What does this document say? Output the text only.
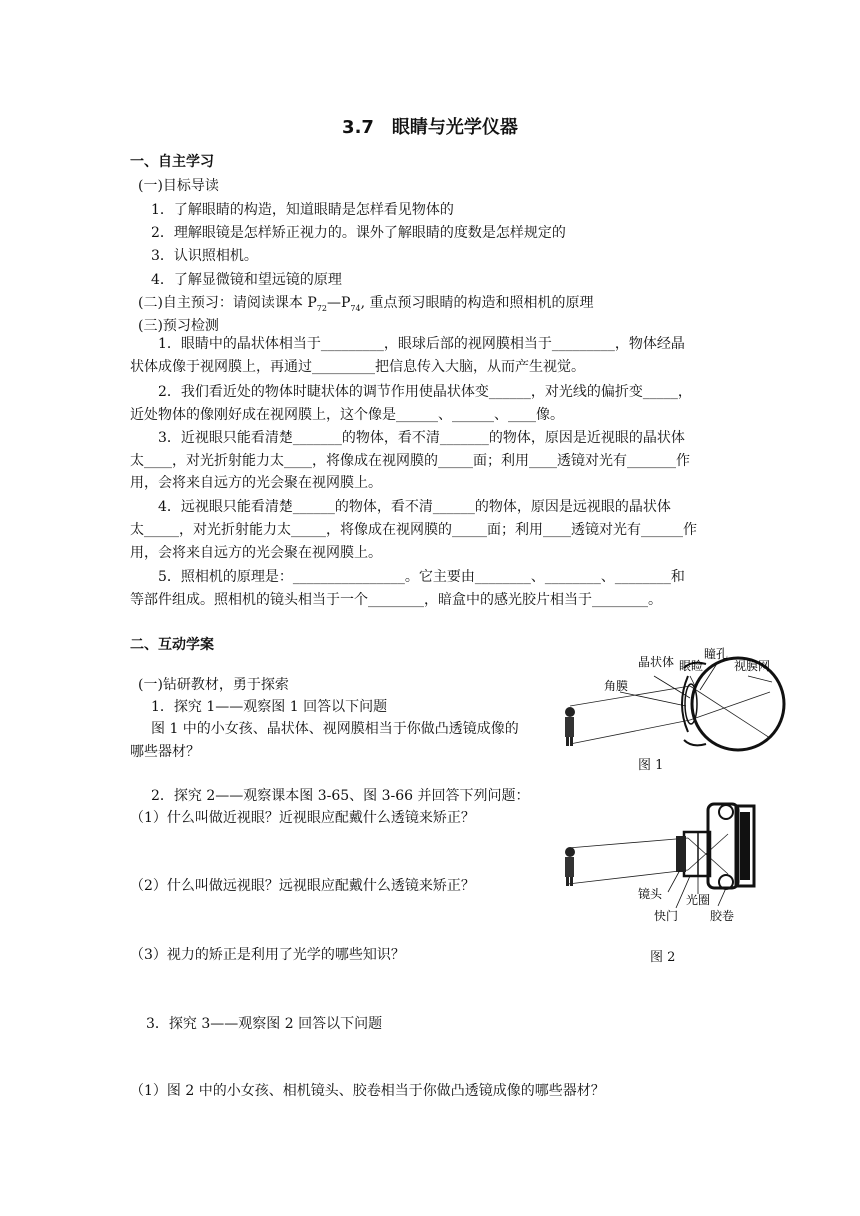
3.7　眼睛与光学仪器
一、自主学习
(一)目标导读
1．了解眼睛的构造，知道眼睛是怎样看见物体的
2．理解眼镜是怎样矫正视力的。课外了解眼睛的度数是怎样规定的
3．认识照相机。
4．了解显微镜和望远镜的原理
(二)自主预习：请阅读课本 $P_{72}—P_{74}$, 重点预习眼睛的构造和照相机的原理
(三)预习检测
1．眼睛中的晶状体相当于_________，眼球后部的视网膜相当于_________，物体经晶
状体成像于视网膜上，再通过_________把信息传入大脑，从而产生视觉。
2．我们看近处的物体时睫状体的调节作用使晶状体变______，对光线的偏折变_____，
近处物体的像刚好成在视网膜上，这个像是______、______、____像。
3．近视眼只能看清楚_______的物体，看不清_______的物体，原因是近视眼的晶状体
太____，对光折射能力太____，将像成在视网膜的_____面；利用____透镜对光有_______作
用，会将来自远方的光会聚在视网膜上。
4．远视眼只能看清楚______的物体，看不清______的物体，原因是远视眼的晶状体
太_____，对光折射能力太_____，将像成在视网膜的_____面；利用____透镜对光有______作
用，会将来自远方的光会聚在视网膜上。
5．照相机的原理是：________________。它主要由________、________、________和
等部件组成。照相机的镜头相当于一个________，暗盒中的感光胶片相当于________。
二、互动学案
(一)钻研教材，勇于探索
1．探究 1——观察图 1 回答以下问题
图 1 中的小女孩、晶状体、视网膜相当于你做凸透镜成像的
哪些器材？
2．探究 2——观察课本图 3-65、图 3-66 并回答下列问题：
（1）什么叫做近视眼？近视眼应配戴什么透镜来矫正？
（2）什么叫做远视眼？远视眼应配戴什么透镜来矫正？
（3）视力的矫正是利用了光学的哪些知识？
3．探究 3——观察图 2 回答以下问题
（1）图 2 中的小女孩、相机镜头、胶卷相当于你做凸透镜成像的哪些器材？
角膜
晶状体 眼睑
瞳孔
视膜网
图 1
镜头 光圈
快门	胶卷
图 2
